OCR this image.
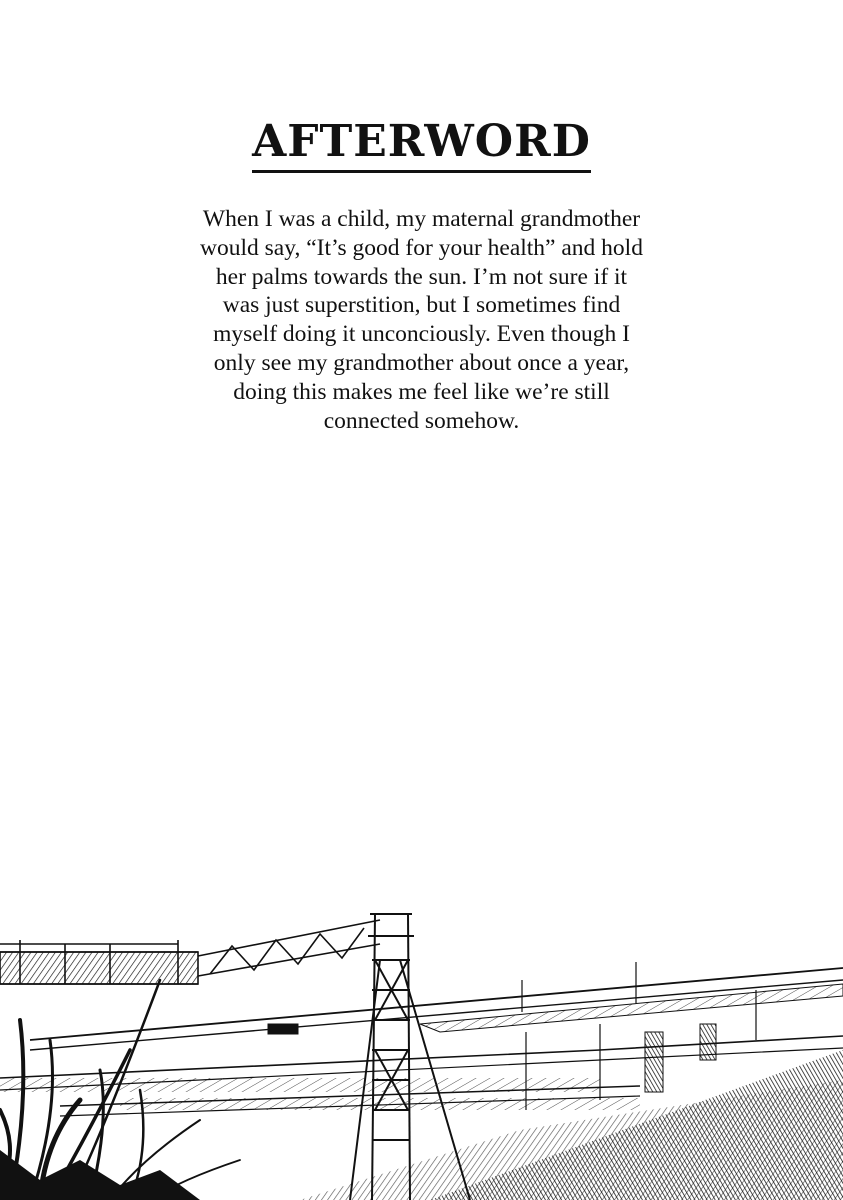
AFTERWORD

When I was a child, my maternal grandmother
would say, “It’s good for your health” and hold
her palms towards the sun. I’m not sure if it
was just superstition, but I sometimes find
myself doing it unconciously. Even though I
only see my grandmother about once a year,
doing this makes me feel like we’re still
connected somehow.
